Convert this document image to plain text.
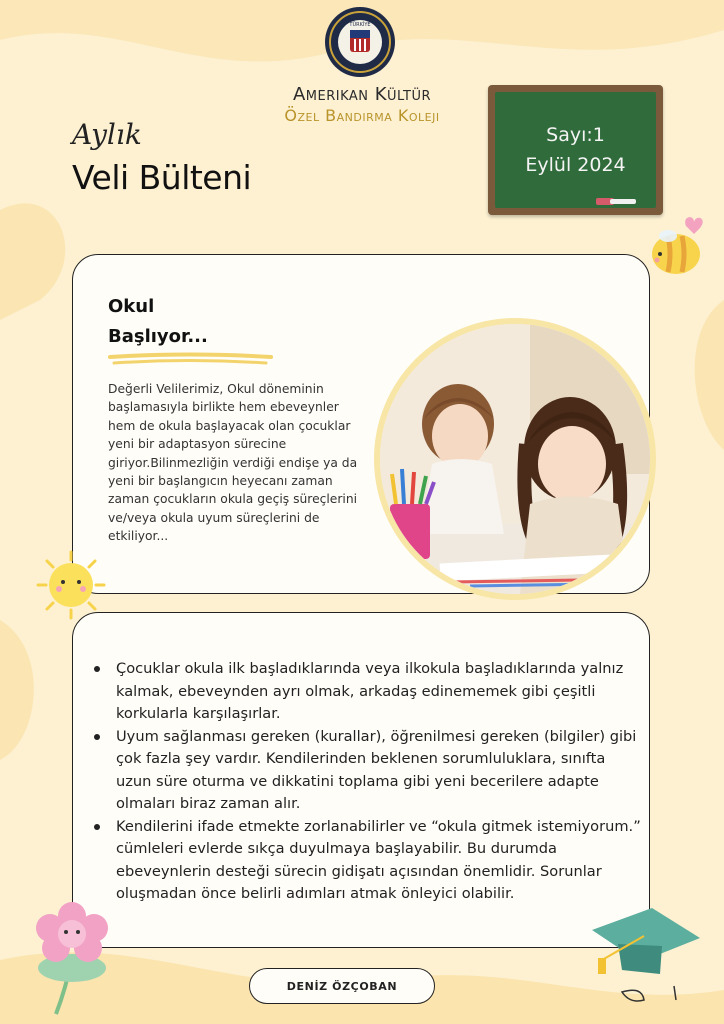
TÜRKİYE
Amerikan Kültür
Özel Bandırma Koleji
Aylık
Veli Bülteni
Sayı:1
Eylül 2024
Okul
Başlıyor...
Değerli Velilerimiz, Okul döneminin başlamasıyla birlikte hem ebeveynler hem de okula başlayacak olan çocuklar yeni bir adaptasyon sürecine giriyor.Bilinmezliğin verdiği endişe ya da yeni bir başlangıcın heyecanı zaman zaman çocukların okula geçiş süreçlerini ve/veya okula uyum süreçlerini de etkiliyor...
Çocuklar okula ilk başladıklarında veya ilkokula başladıklarında yalnız kalmak, ebeveynden ayrı olmak, arkadaş edinememek gibi çeşitli korkularla karşılaşırlar.
Uyum sağlanması gereken (kurallar), öğrenilmesi gereken (bilgiler) gibi çok fazla şey vardır. Kendilerinden beklenen sorumluluklara, sınıfta uzun süre oturma ve dikkatini toplama gibi yeni becerilere adapte olmaları biraz zaman alır.
Kendilerini ifade etmekte zorlanabilirler ve “okula gitmek istemiyorum.” cümleleri evlerde sıkça duyulmaya başlayabilir. Bu durumda ebeveynlerin desteği sürecin gidişatı açısından önemlidir. Sorunlar oluşmadan önce belirli adımları atmak önleyici olabilir.
DENİZ ÖZÇOBAN
